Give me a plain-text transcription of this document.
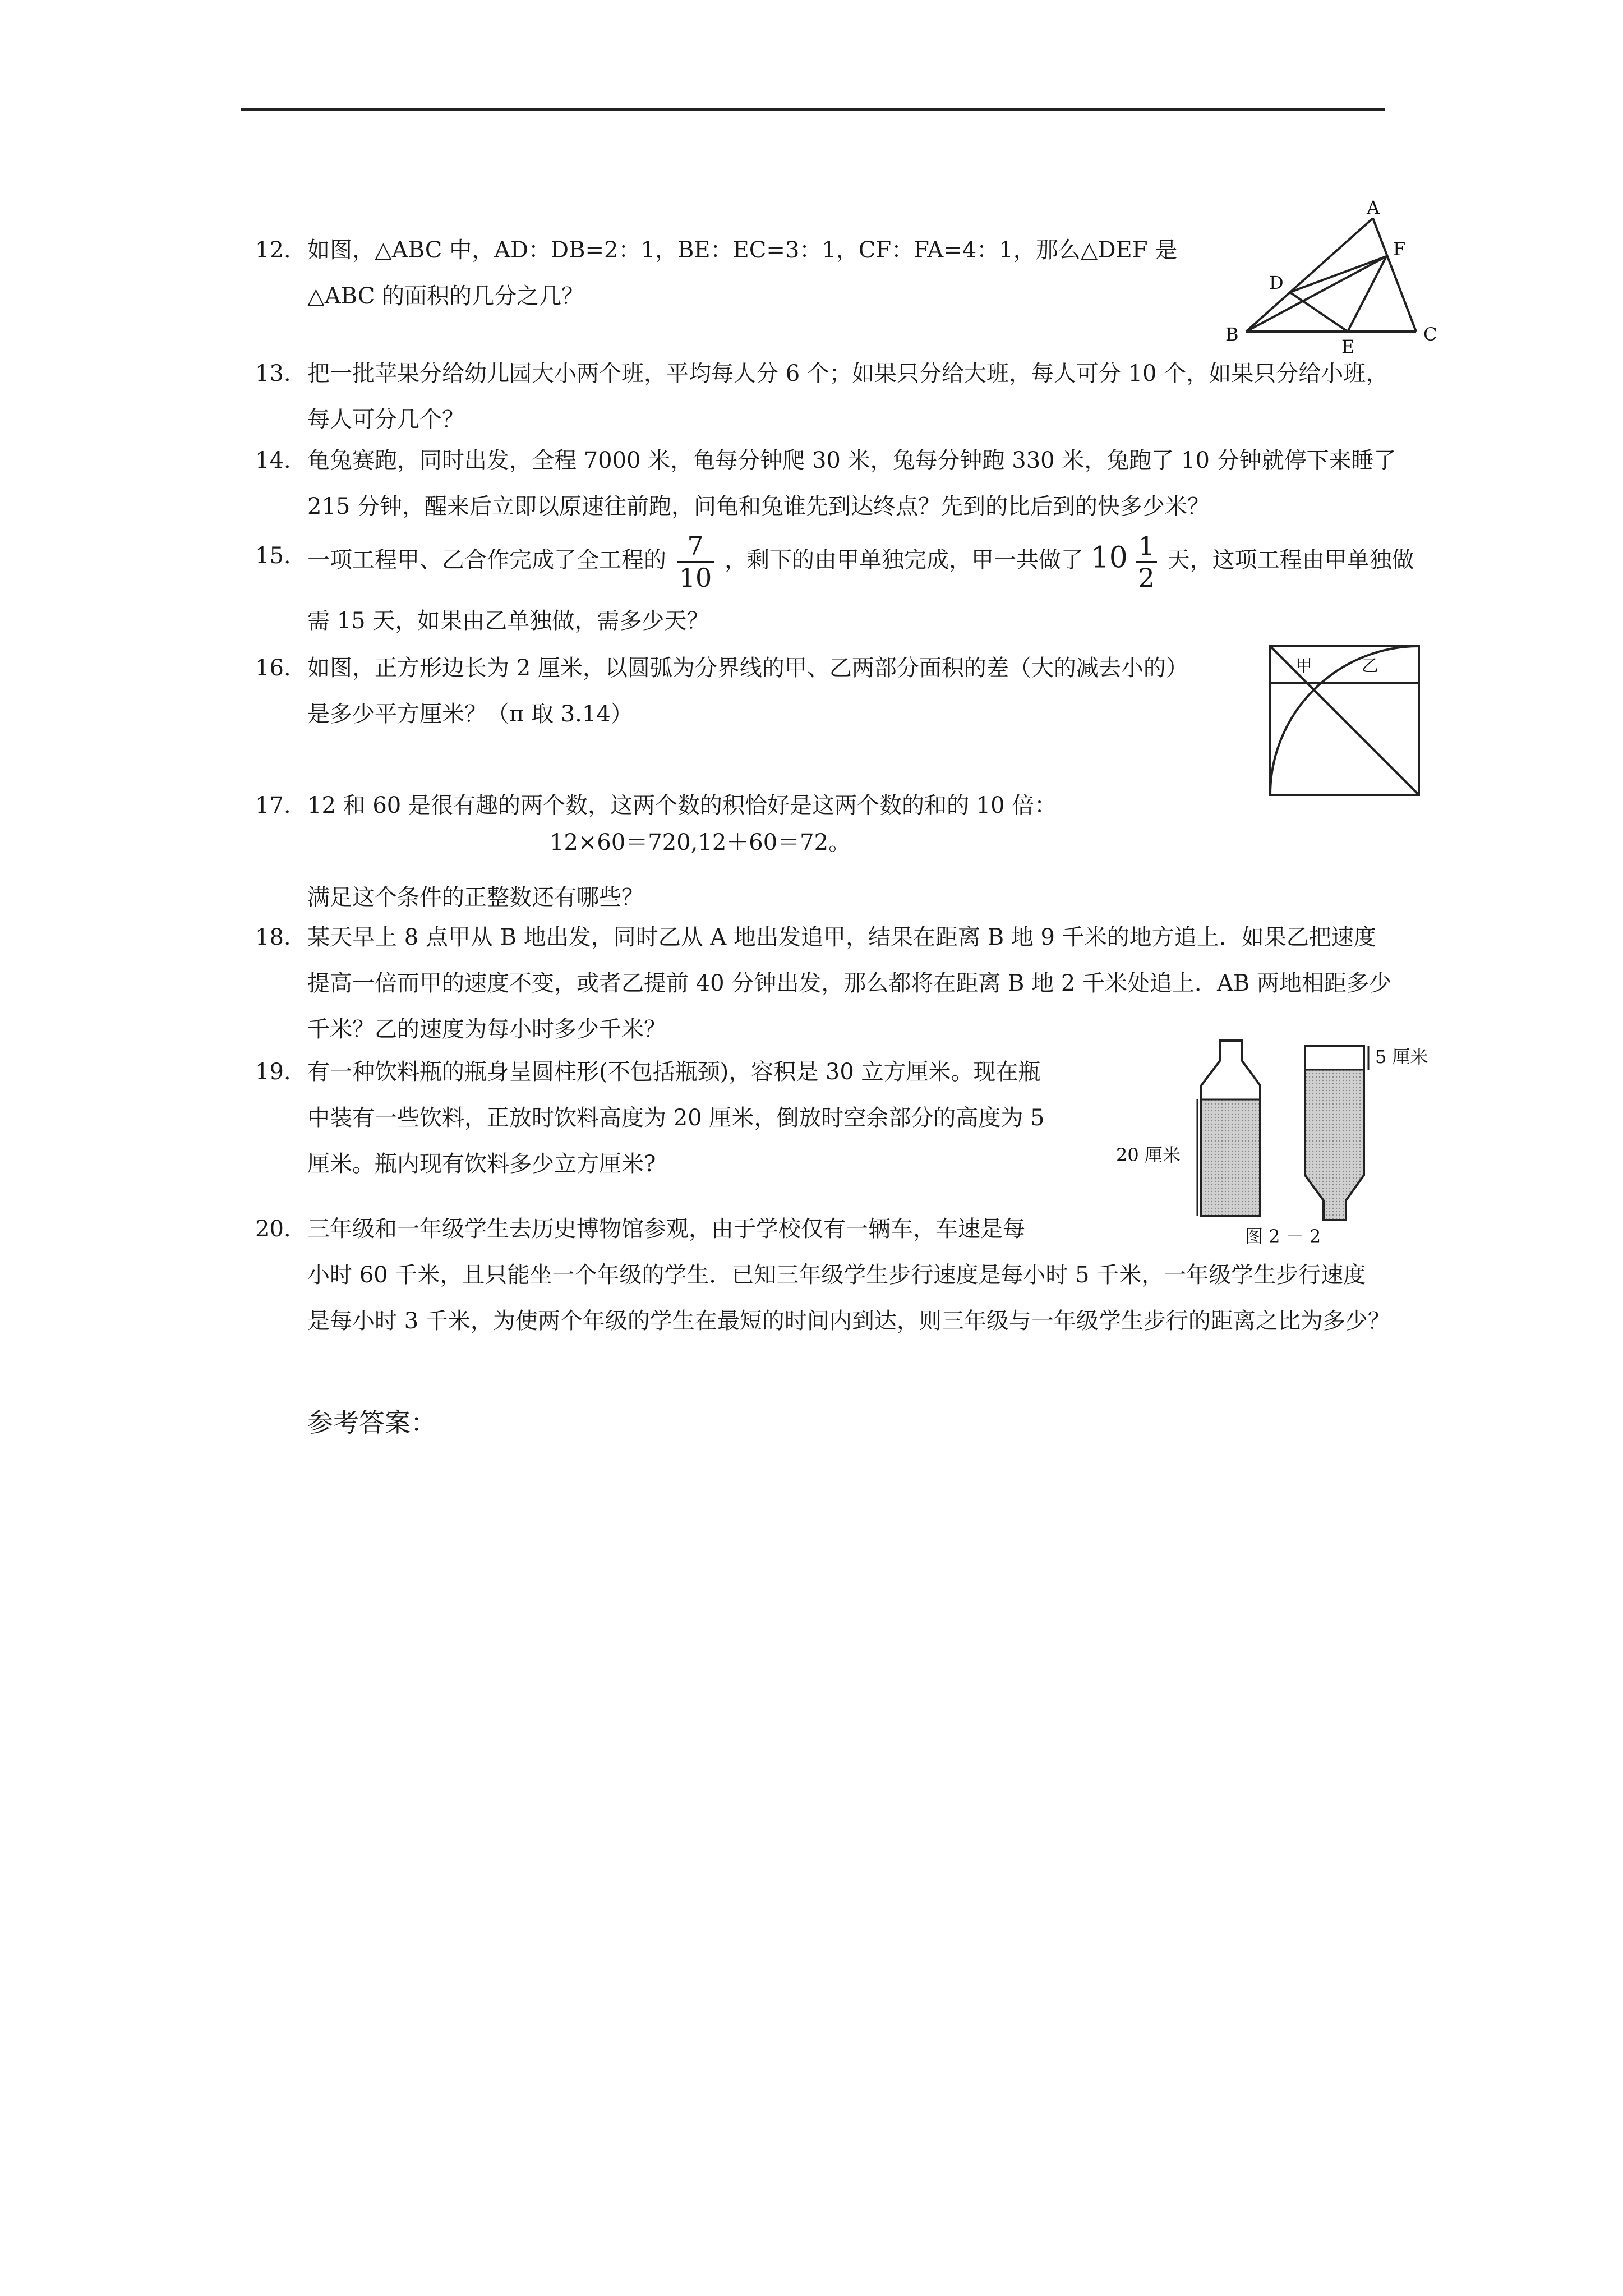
12. 如图，△ABC 中，AD：DB=2：1，BE：EC=3：1，CF：FA=4：1，那么△DEF 是
△ABC 的面积的几分之几？
A
B	C
D
E
F
13. 把一批苹果分给幼儿园大小两个班，平均每人分 6 个；如果只分给大班，每人可分 10 个，如果只分给小班，
每人可分几个？
14. 龟兔赛跑，同时出发，全程 7000 米，龟每分钟爬 30 米，兔每分钟跑 330 米，兔跑了 10 分钟就停下来睡了
215 分钟，醒来后立即以原速往前跑，问龟和兔谁先到达终点？先到的比后到的快多少米？
15. 一项工程甲、乙合作完成了全工程的 $\frac{7}{10}$ ，剩下的由甲单独完成，甲一共做了 $10 \frac{1}{2}$ 天，这项工程由甲单独做
需 15 天，如果由乙单独做，需多少天？
16. 如图，正方形边长为 2 厘米，以圆弧为分界线的甲、乙两部分面积的差（大的减去小的）
是多少平方厘米？（π 取 3.14）
甲	乙
17. 12 和 60 是很有趣的两个数，这两个数的积恰好是这两个数的和的 10 倍：
满足这个条件的正整数还有哪些？
12×60＝720,12＋60＝72。
18. 某天早上 8 点甲从 B 地出发，同时乙从 A 地出发追甲，结果在距离 B 地 9 千米的地方追上．如果乙把速度
提高一倍而甲的速度不变，或者乙提前 40 分钟出发，那么都将在距离 B 地 2 千米处追上．AB 两地相距多少
千米？乙的速度为每小时多少千米？
19. 有一种饮料瓶的瓶身呈圆柱形(不包括瓶颈)，容积是 30 立方厘米。现在瓶
中装有一些饮料，正放时饮料高度为 20 厘米，倒放时空余部分的高度为 5
厘米。瓶内现有饮料多少立方厘米?
5 厘米
20 厘米
图 2 － 2
20. 三年级和一年级学生去历史博物馆参观，由于学校仅有一辆车，车速是每
小时 60 千米，且只能坐一个年级的学生．已知三年级学生步行速度是每小时 5 千米，一年级学生步行速度
是每小时 3 千米，为使两个年级的学生在最短的时间内到达，则三年级与一年级学生步行的距离之比为多少？
参考答案：
